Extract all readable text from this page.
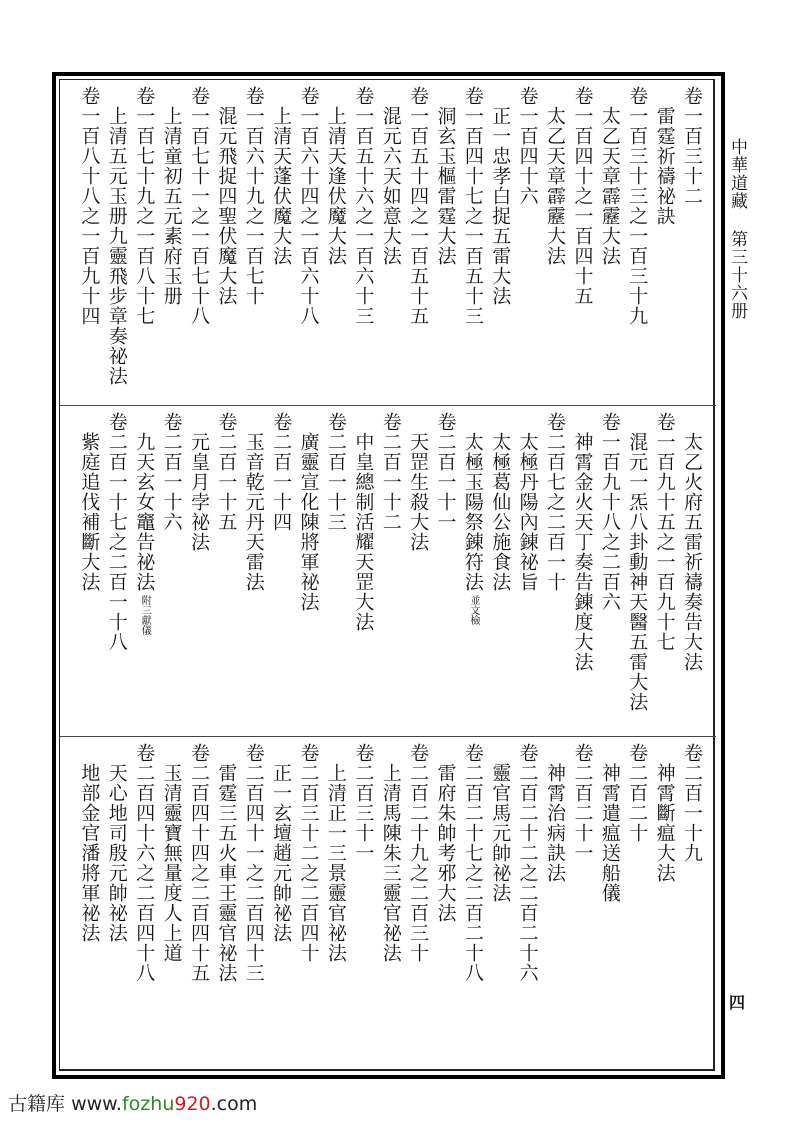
卷一百三十二
雷霆祈禱祕訣
卷一百三十三之一百三十九
太乙天章霹靂大法
卷一百四十之一百四十五
太乙天章霹靂大法
卷一百四十六
正一忠孝白捉五雷大法
卷一百四十七之一百五十三
洞玄玉樞雷霆大法
卷一百五十四之一百五十五
混元六天如意大法
卷一百五十六之一百六十三
上清天逢伏魔大法
卷一百六十四之一百六十八
上清天蓬伏魔大法
卷一百六十九之一百七十
混元飛捉四聖伏魔大法
卷一百七十一之一百七十八
上清童初五元素府玉册
卷一百七十九之一百八十七
上清五元玉册九靈飛步章奏祕法
卷一百八十八之一百九十四
太乙火府五雷祈禱奏告大法
卷一百九十五之一百九十七
混元一炁八卦動神天醫五雷大法
卷一百九十八之二百六
神霄金火天丁奏告錬度大法
卷二百七之二百一十
太極丹陽內錬祕旨
太極葛仙公施食法
太極玉陽祭錬符法並文檢
卷二百一十一
天罡生殺大法
卷二百一十二
中皇總制活耀天罡大法
卷二百一十三
廣靈宣化陳將軍祕法
卷二百一十四
玉音乾元丹天雷法
卷二百一十五
元皇月孛祕法
卷二百一十六
九天玄女竈告祕法附三獻儀
卷二百一十七之二百一十八
紫庭追伐補斷大法
卷二百一十九
神霄斷瘟大法
卷二百二十
神霄遣瘟送船儀
卷二百二十一
神霄治病訣法
卷二百二十二之二百二十六
靈官馬元帥祕法
卷二百二十七之二百二十八
雷府朱帥考邪大法
卷二百二十九之二百三十
上清馬陳朱三靈官祕法
卷二百三十一
上清正一三景靈官祕法
卷二百三十二之二百四十
正一玄壇趙元帥祕法
卷二百四十一之二百四十三
雷霆三五火車王靈官祕法
卷二百四十四之二百四十五
玉清靈寶無量度人上道
卷二百四十六之二百四十八
天心地司殷元帥祕法
地部金官潘將軍祕法
中華道藏 第三十六册
四
古籍库 www.fozhu920.com
